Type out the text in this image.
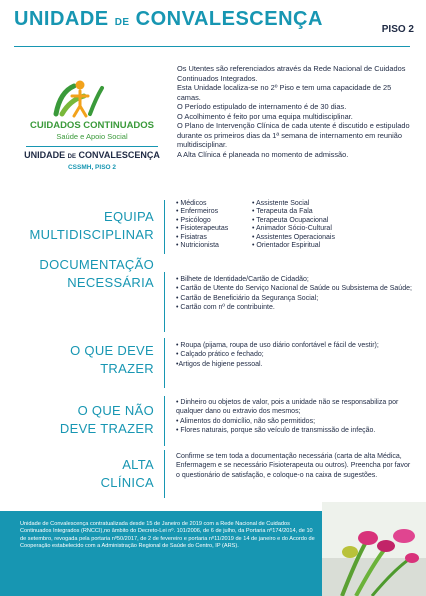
UNIDADE DE CONVALESCENÇA	PISO 2
CUIDADOS CONTINUADOS
Saúde e Apoio Social
UNIDADE DE CONVALESCENÇA
CSSMH, PISO 2

Os Utentes são referenciados através da Rede Nacional de Cuidados Continuados Integrados.

Esta Unidade localiza-se no 2º Piso e tem uma capacidade de 25 camas.

O Período estipulado de internamento é de 30 dias.

O Acolhimento é feito por uma equipa multidisciplinar.

O Plano de Intervenção Clínica de cada utente é discutido e estipulado durante os primeiros dias da 1ª semana de internamento em reunião multidisciplinar.

A Alta Clínica é planeada no momento de admissão.

EQUIPA
MULTIDISCIPLINAR
• Médicos
• Enfermeiros
• Psicólogo
• Fisioterapeutas
• Fisiatras
• Nutricionista
• Assistente Social
• Terapeuta da Fala
• Terapeuta Ocupacional
• Animador Sócio-Cultural
• Assistentes Operacionais
• Orientador Espiritual
DOCUMENTAÇÃO
NECESSÁRIA	• Bilhete de Identidade/Cartão de Cidadão;

• Cartão de Utente do Serviço Nacional de Saúde ou Subsistema de Saúde;

• Cartão de Beneficiário da Segurança Social;

• Cartão com nº de contribuinte.

O QUE DEVE
TRAZER

• Roupa (pijama, roupa de uso diário confortável e fácil de vestir);

• Calçado prático e fechado;

•Artigos de higiene pessoal.

O QUE NÃO
DEVE TRAZER

• Dinheiro ou objetos de valor, pois a unidade não se responsabiliza por qualquer dano ou extravio dos mesmos;

• Alimentos do domicílio, não são permitidos;

• Flores naturais, porque são veículo de transmissão de infeção.

ALTA
CLÍNICA

Confirme se tem toda a documentação necessária (carta de alta Médica, Enfermagem e se necessário Fisioterapeuta ou outros). Preencha por favor o questionário de satisfação, e coloque-o na caixa de sugestões.

Unidade de Convalescença contratualizada desde 15 de Janeiro de 2019 com a Rede Nacional de Cuidados Continuados Integrados (RNCCI),no âmbito do Decreto-Lei nº. 101/2006, de 6 de julho, da Portaria nº174/2014, de 10 de setembro, revogada pela portaria nº50/2017, de 2 de fevereiro e portaria nº11/2019 de 14 de janeiro e do Acordo de Cooperação estabelecido com a Administração Regional de Saúde do Centro, IP (ARS).
